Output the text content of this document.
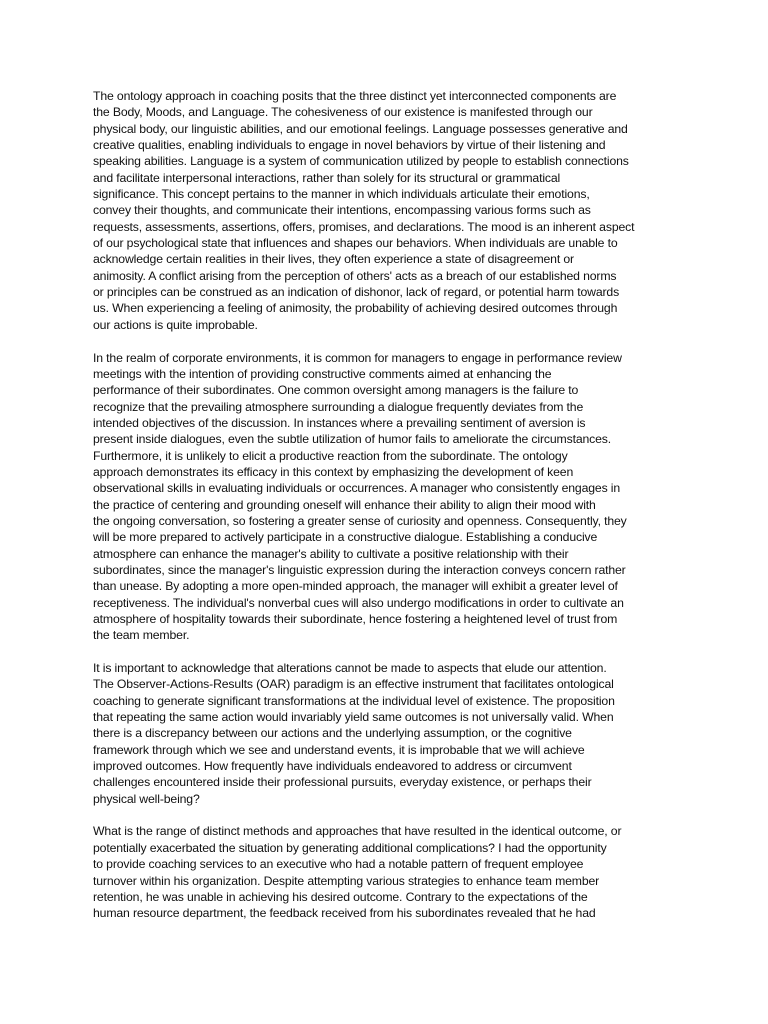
The ontology approach in coaching posits that the three distinct yet interconnected components are
the Body, Moods, and Language. The cohesiveness of our existence is manifested through our
physical body, our linguistic abilities, and our emotional feelings. Language possesses generative and
creative qualities, enabling individuals to engage in novel behaviors by virtue of their listening and
speaking abilities. Language is a system of communication utilized by people to establish connections
and facilitate interpersonal interactions, rather than solely for its structural or grammatical
significance. This concept pertains to the manner in which individuals articulate their emotions,
convey their thoughts, and communicate their intentions, encompassing various forms such as
requests, assessments, assertions, offers, promises, and declarations. The mood is an inherent aspect
of our psychological state that influences and shapes our behaviors. When individuals are unable to
acknowledge certain realities in their lives, they often experience a state of disagreement or
animosity. A conflict arising from the perception of others' acts as a breach of our established norms
or principles can be construed as an indication of dishonor, lack of regard, or potential harm towards
us. When experiencing a feeling of animosity, the probability of achieving desired outcomes through
our actions is quite improbable.

In the realm of corporate environments, it is common for managers to engage in performance review
meetings with the intention of providing constructive comments aimed at enhancing the
performance of their subordinates. One common oversight among managers is the failure to
recognize that the prevailing atmosphere surrounding a dialogue frequently deviates from the
intended objectives of the discussion. In instances where a prevailing sentiment of aversion is
present inside dialogues, even the subtle utilization of humor fails to ameliorate the circumstances.
Furthermore, it is unlikely to elicit a productive reaction from the subordinate. The ontology
approach demonstrates its efficacy in this context by emphasizing the development of keen
observational skills in evaluating individuals or occurrences. A manager who consistently engages in
the practice of centering and grounding oneself will enhance their ability to align their mood with
the ongoing conversation, so fostering a greater sense of curiosity and openness. Consequently, they
will be more prepared to actively participate in a constructive dialogue. Establishing a conducive
atmosphere can enhance the manager's ability to cultivate a positive relationship with their
subordinates, since the manager's linguistic expression during the interaction conveys concern rather
than unease. By adopting a more open-minded approach, the manager will exhibit a greater level of
receptiveness. The individual's nonverbal cues will also undergo modifications in order to cultivate an
atmosphere of hospitality towards their subordinate, hence fostering a heightened level of trust from
the team member.

It is important to acknowledge that alterations cannot be made to aspects that elude our attention.
The Observer-Actions-Results (OAR) paradigm is an effective instrument that facilitates ontological
coaching to generate significant transformations at the individual level of existence. The proposition
that repeating the same action would invariably yield same outcomes is not universally valid. When
there is a discrepancy between our actions and the underlying assumption, or the cognitive
framework through which we see and understand events, it is improbable that we will achieve
improved outcomes. How frequently have individuals endeavored to address or circumvent
challenges encountered inside their professional pursuits, everyday existence, or perhaps their
physical well-being?

What is the range of distinct methods and approaches that have resulted in the identical outcome, or
potentially exacerbated the situation by generating additional complications? I had the opportunity
to provide coaching services to an executive who had a notable pattern of frequent employee
turnover within his organization. Despite attempting various strategies to enhance team member
retention, he was unable in achieving his desired outcome. Contrary to the expectations of the
human resource department, the feedback received from his subordinates revealed that he had
